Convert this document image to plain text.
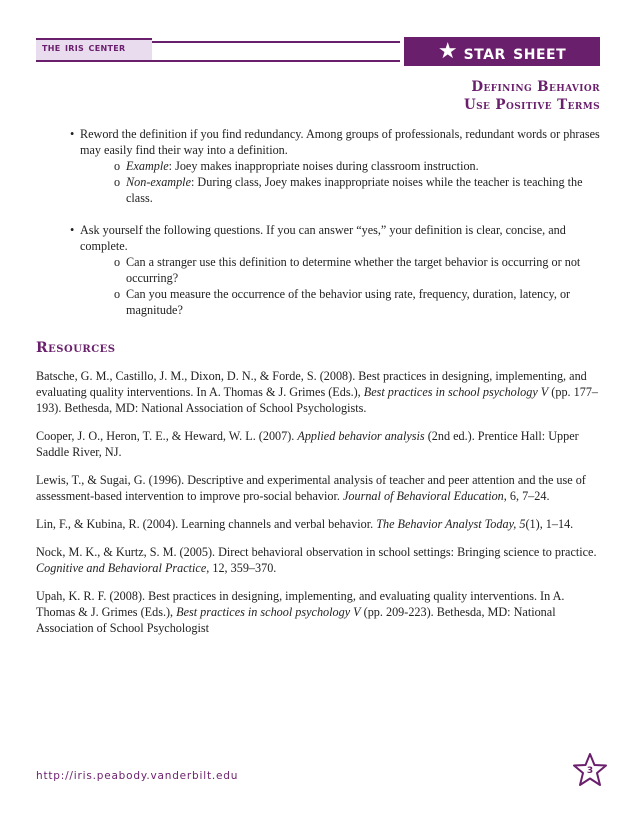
the iris center	★ star sheet
Defining Behavior
Use Positive Terms
• Reword the definition if you find redundancy. Among groups of professionals, redundant words or phrases may easily find their way into a definition.
o Example: Joey makes inappropriate noises during classroom instruction.
o Non-example: During class, Joey makes inappropriate noises while the teacher is teaching the class.
• Ask yourself the following questions. If you can answer “yes,” your definition is clear, concise, and complete.
o Can a stranger use this definition to determine whether the target behavior is occurring or not occurring?
o Can you measure the occurrence of the behavior using rate, frequency, duration, latency, or magnitude?
Resources
Batsche, G. M., Castillo, J. M., Dixon, D. N., & Forde, S. (2008). Best practices in designing, implementing, and evaluating quality interventions. In A. Thomas & J. Grimes (Eds.), Best practices in school psychology V (pp. 177–193). Bethesda, MD: National Association of School Psychologists.
Cooper, J. O., Heron, T. E., & Heward, W. L. (2007). Applied behavior analysis (2nd ed.). Prentice Hall: Upper Saddle River, NJ.
Lewis, T., & Sugai, G. (1996). Descriptive and experimental analysis of teacher and peer attention and the use of assessment-based intervention to improve pro-social behavior. Journal of Behavioral Education, 6, 7–24.
Lin, F., & Kubina, R. (2004). Learning channels and verbal behavior. The Behavior Analyst Today, 5(1), 1–14.
Nock, M. K., & Kurtz, S. M. (2005). Direct behavioral observation in school settings: Bringing science to practice. Cognitive and Behavioral Practice, 12, 359–370.
Upah, K. R. F. (2008). Best practices in designing, implementing, and evaluating quality interventions. In A. Thomas & J. Grimes (Eds.), Best practices in school psychology V (pp. 209-223). Bethesda, MD: National Association of School Psychologist
http://iris.peabody.vanderbilt.edu	3
